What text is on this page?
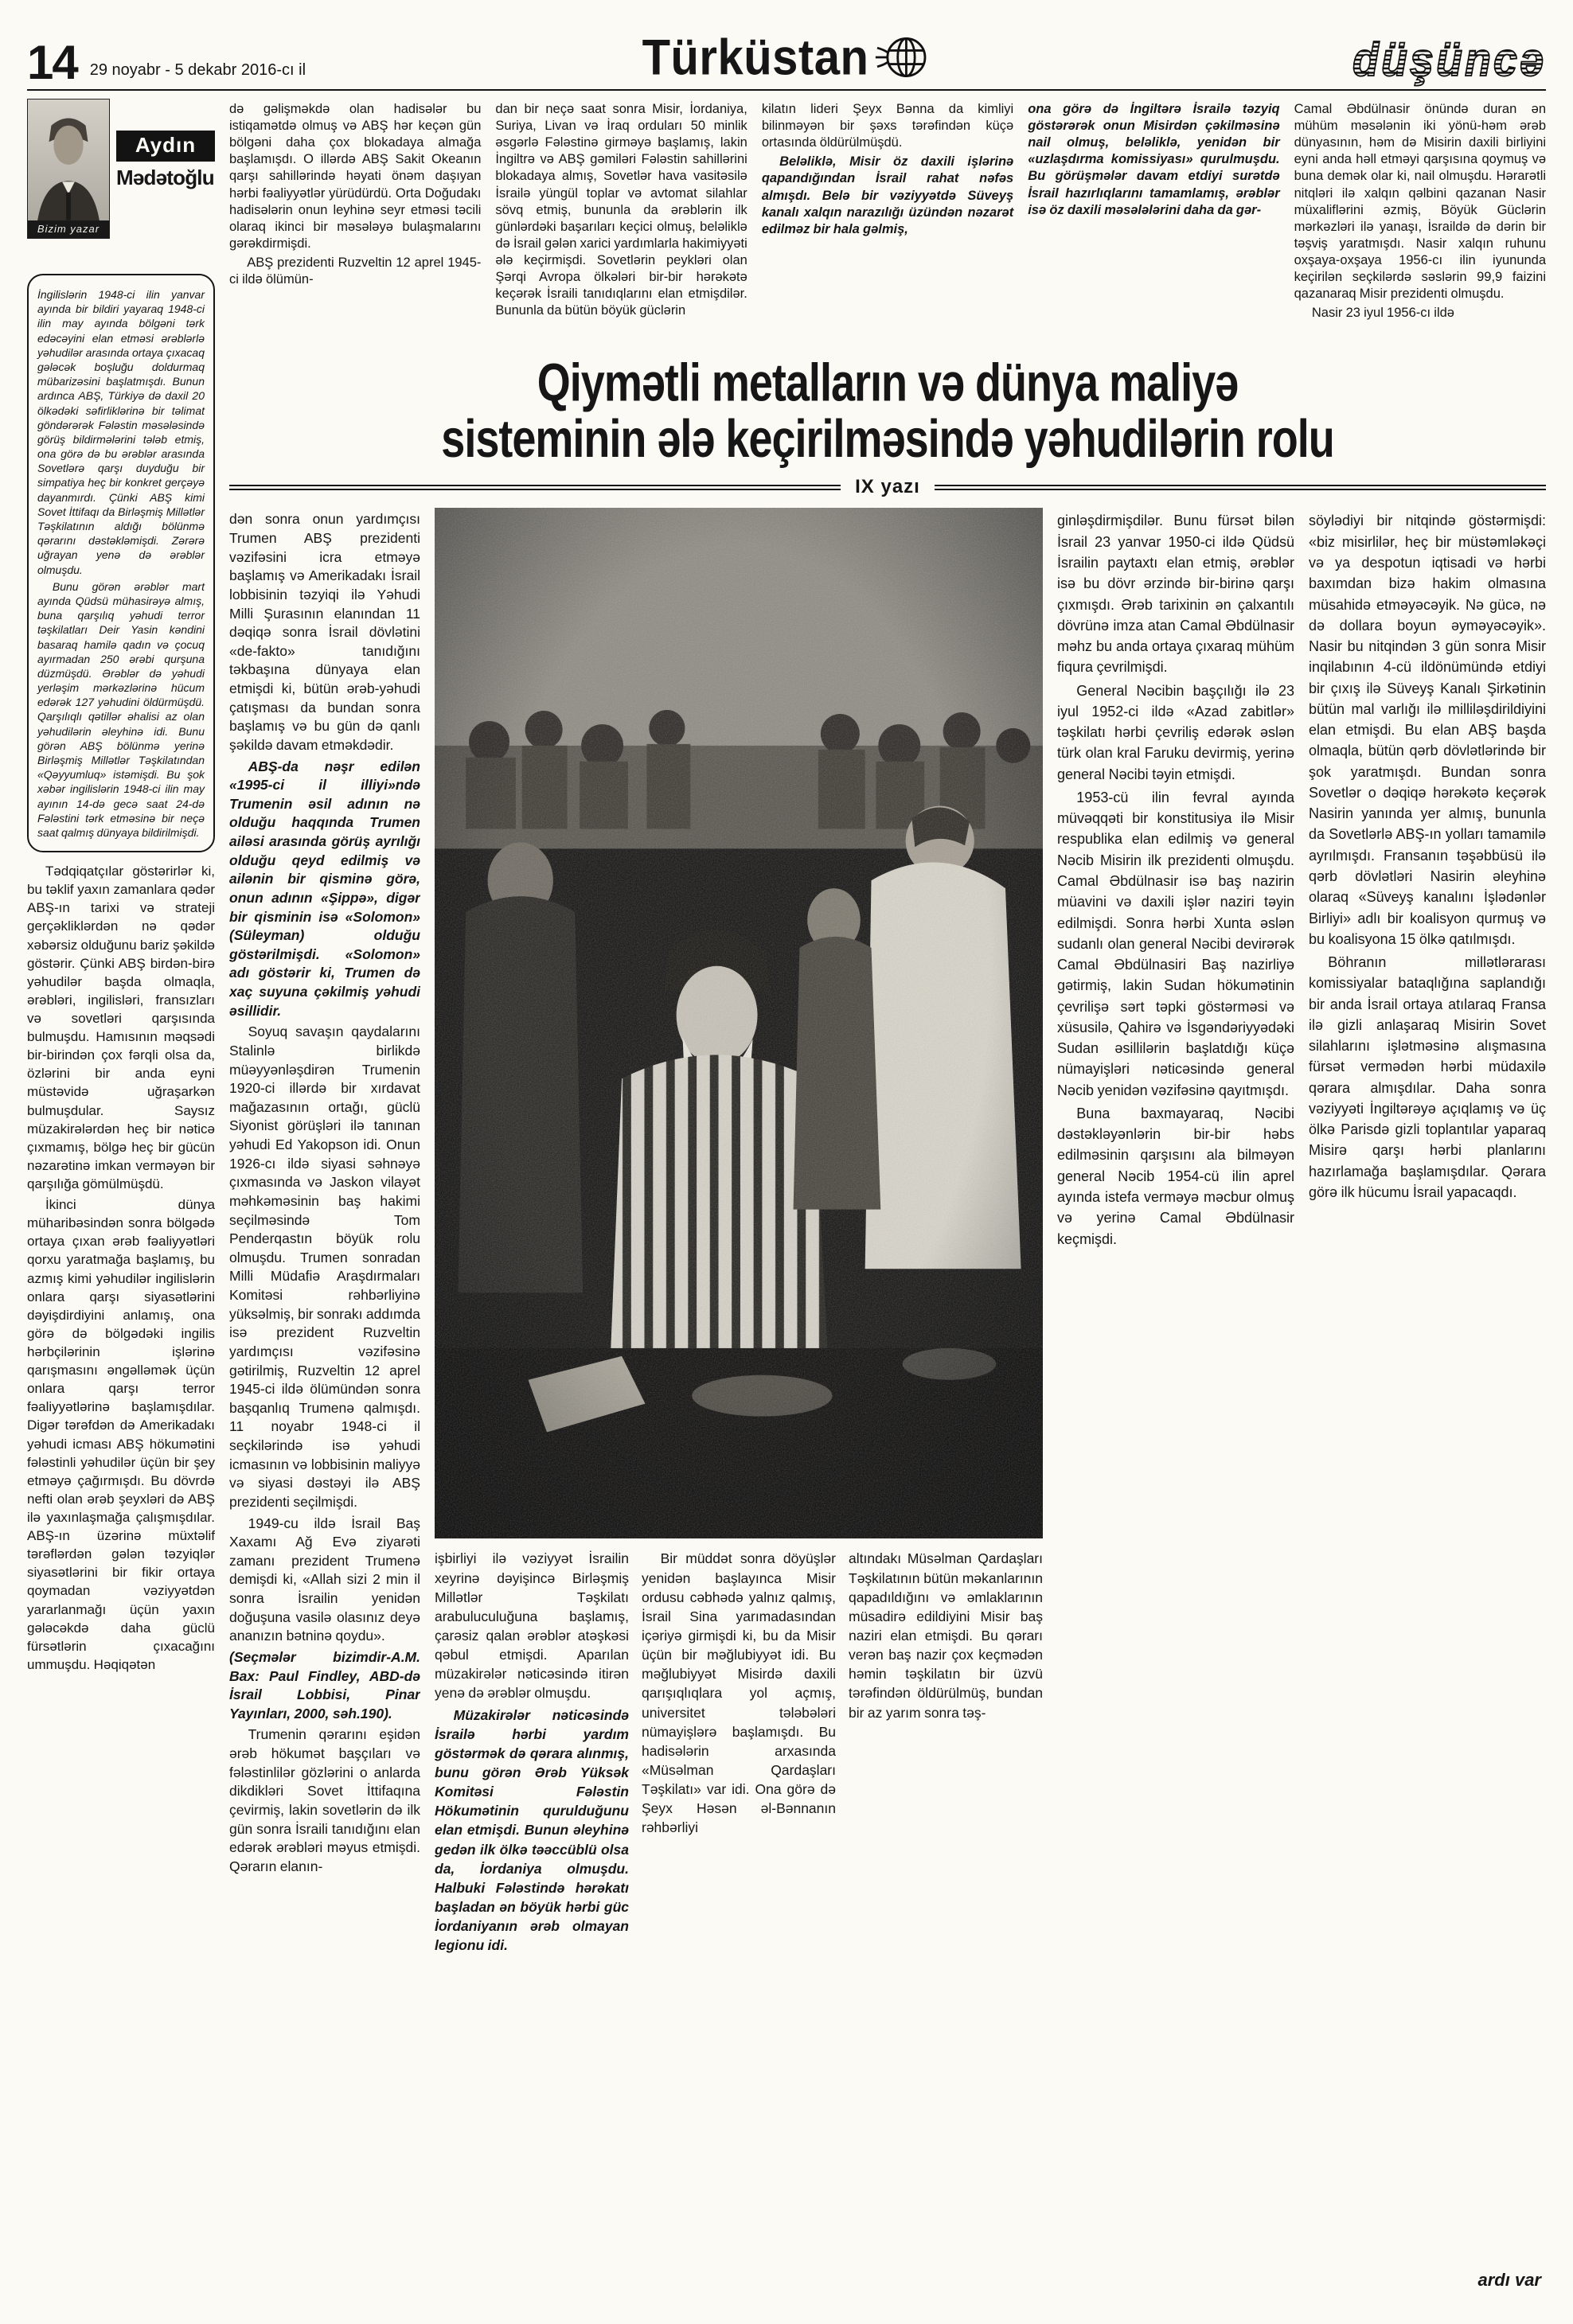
14 29 noyabr - 5 dekabr 2016-cı il	Türküstan	düşüncə
Bizim yazar
Aydın
Mədətoğlu

İngilislərin 1948-ci ilin yanvar ayında bir bildiri yayaraq 1948-ci ilin may ayında bölgəni tərk edəcəyini elan etməsi ərəblərlə yəhudilər arasında ortaya çıxacaq gələcək boşluğu doldurmaq mübarizəsini başlatmışdı. Bunun ardınca ABŞ, Türkiyə də daxil 20 ölkədəki səfirliklərinə bir təlimat göndərərək Fələstin məsələsində görüş bildirmələrini tələb etmiş, ona görə də bu ərəblər arasında Sovetlərə qarşı duyduğu bir simpatiya heç bir konkret gerçəyə dayanmırdı. Çünki ABŞ kimi Sovet İttifaqı da Birləşmiş Millətlər Təşkilatının aldığı bölünmə qərarını dəstəkləmişdi. Zərərə uğrayan yenə də ərəblər olmuşdu.

Bunu görən ərəblər mart ayında Qüdsü mühasirəyə almış, buna qarşılıq yəhudi terror təşkilatları Deir Yasin kəndini basaraq hamilə qadın və çocuq ayırmadan 250 ərəbi qurşuna düzmüşdü. Ərəblər də yəhudi yerləşim mərkəzlərinə hücum edərək 127 yəhudini öldürmüşdü. Qarşılıqlı qətillər əhalisi az olan yəhudilərin əleyhinə idi. Bunu görən ABŞ bölünmə yerinə Birləşmiş Millətlər Təşkilatından «Qəyyumluq» istəmişdi. Bu şok xəbər ingilislərin 1948-ci ilin may ayının 14-də gecə saat 24-də Fələstini tərk etməsinə bir neçə saat qalmış dünyaya bildirilmişdi.

Tədqiqatçılar göstərirlər ki, bu təklif yaxın zamanlara qədər ABŞ-ın tarixi və strateji gerçəkliklərdən nə qədər xəbərsiz olduğunu bariz şəkildə göstərir. Çünki ABŞ birdən-birə yəhudilər başda olmaqla, ərəbləri, ingilisləri, fransızları və sovetləri qarşısında bulmuşdu. Hamısının məqsədi bir-birindən çox fərqli olsa da, özlərini bir anda eyni müstəvidə uğraşarkən bulmuşdular. Saysız müzakirələrdən heç bir nəticə çıxmamış, bölgə heç bir gücün nəzarətinə imkan verməyən bir qarşılığa gömülmüşdü.

İkinci dünya müharibəsindən sonra bölgədə ortaya çıxan ərəb fəaliyyətləri qorxu yaratmağa başlamış, bu azmış kimi yəhudilər ingilislərin onlara qarşı siyasətlərini dəyişdirdiyini anlamış, ona görə də bölgədəki ingilis hərbçilərinin işlərinə qarışmasını əngəlləmək üçün onlara qarşı terror fəaliyyətlərinə başlamışdılar. Digər tərəfdən də Amerikadakı yəhudi icması ABŞ hökumətini fələstinli yəhudilər üçün bir şey etməyə çağırmışdı. Bu dövrdə nefti olan ərəb şeyxləri də ABŞ ilə yaxınlaşmağa çalışmışdılar. ABŞ-ın üzərinə müxtəlif tərəflərdən gələn təzyiqlər siyasətlərini bir fikir ortaya qoymadan vəziyyətdən yararlanmağı üçün yaxın gələcəkdə daha güclü fürsətlərin çıxacağını ummuşdu. Həqiqətən

də gəlişməkdə olan hadisələr bu istiqamətdə olmuş və ABŞ hər keçən gün bölgəni daha çox blokadaya almağa başlamışdı. O illərdə ABŞ Sakit Okeanın qarşı sahillərində həyati önəm daşıyan hərbi fəaliyyətlər yürüdürdü. Orta Doğudakı hadisələrin onun leyhinə seyr etməsi təcili olaraq ikinci bir məsələyə bulaşmalarını gərəkdirmişdi.

ABŞ prezidenti Ruzveltin 12 aprel 1945-ci ildə ölümün-

dan bir neçə saat sonra Misir, İordaniya, Suriya, Livan və İraq orduları 50 minlik əsgərlə Fələstinə girməyə başlamış, lakin İngiltrə və ABŞ gəmiləri Fələstin sahillərini blokadaya almış, Sovetlər hava vasitəsilə İsrailə yüngül toplar və avtomat silahlar sövq etmiş, bununla da ərəblərin ilk günlərdəki başarıları keçici olmuş, beləliklə də İsrail gələn xarici yardımlarla hakimiyyəti ələ keçirmişdi. Sovetlərin peykləri olan Şərqi Avropa ölkələri bir-bir hərəkətə keçərək İsraili tanıdıqlarını elan etmişdilər. Bununla da bütün böyük güclərin

kilatın lideri Şeyx Bənna da kimliyi bilinməyən bir şəxs tərəfindən küçə ortasında öldürülmüşdü.

Beləliklə, Misir öz daxili işlərinə qapandığından İsrail rahat nəfəs almışdı. Belə bir vəziyyətdə Süveyş kanalı xalqın narazılığı üzündən nəzarət edilməz bir hala gəlmiş,

ona görə də İngiltərə İsrailə təzyiq göstərərək onun Misirdən çəkilməsinə nail olmuş, beləliklə, yenidən bir «uzlaşdırma komissiyası» qurulmuşdu. Bu görüşmələr davam etdiyi surətdə İsrail hazırlıqlarını tamamlamış, ərəblər isə öz daxili məsələlərini daha da gər-

Camal Əbdülnasir önündə duran ən mühüm məsələnin iki yönü-həm ərəb dünyasının, həm də Misirin daxili birliyini eyni anda həll etməyi qarşısına qoymuş və buna demək olar ki, nail olmuşdu. Hərarətli nitqləri ilə xalqın qəlbini qazanan Nasir müxaliflərini əzmiş, Böyük Güclərin mərkəzləri ilə yanaşı, İsraildə də dərin bir təşviş yaratmışdı. Nasir xalqın ruhunu oxşaya-oxşaya 1956-cı ilin iyununda keçirilən seçkilərdə səslərin 99,9 faizini qazanaraq Misir prezidenti olmuşdu.

Nasir 23 iyul 1956-cı ildə

Qiymətli metalların və dünya maliyə
sisteminin ələ keçirilməsində yəhudilərin rolu
IX yazı

dən sonra onun yardımçısı Trumen ABŞ prezidenti vəzifəsini icra etməyə başlamış və Amerikadakı İsrail lobbisinin təzyiqi ilə Yəhudi Milli Şurasının elanından 11 dəqiqə sonra İsrail dövlətini «de-fakto» tanıdığını təkbaşına dünyaya elan etmişdi ki, bütün ərəb-yəhudi çatışması da bundan sonra başlamış və bu gün də qanlı şəkildə davam etməkdədir.

ABŞ-da nəşr edilən «1995-ci il illiyi»ndə Trumenin əsil adının nə olduğu haqqında Trumen ailəsi arasında görüş ayrılığı olduğu qeyd edilmiş və ailənin bir qisminə görə, onun adının «Şippə», digər bir qisminin isə «Solomon» (Süleyman) olduğu göstərilmişdi. «Solomon» adı göstərir ki, Trumen də xaç suyuna çəkilmiş yəhudi əsillidir.

Soyuq savaşın qaydalarını Stalinlə birlikdə müəyyənləşdirən Trumenin 1920-ci illərdə bir xırdavat mağazasının ortağı, güclü Siyonist görüşləri ilə tanınan yəhudi Ed Yakopson idi. Onun 1926-cı ildə siyasi səhnəyə çıxmasında və Jaskon vilayət məhkəməsinin baş hakimi seçilməsində Tom Penderqastın böyük rolu olmuşdu. Trumen sonradan Milli Müdafiə Araşdırmaları Komitəsi rəhbərliyinə yüksəlmiş, bir sonrakı addımda isə prezident Ruzveltin yardımçısı vəzifəsinə gətirilmiş, Ruzveltin 12 aprel 1945-ci ildə ölümündən sonra başqanlıq Trumenə qalmışdı. 11 noyabr 1948-ci il seçkilərində isə yəhudi icmasının və lobbisinin maliyyə və siyasi dəstəyi ilə ABŞ prezidenti seçilmişdi.

1949-cu ildə İsrail Baş Xaxamı Ağ Evə ziyarəti zamanı prezident Trumenə demişdi ki, «Allah sizi 2 min il sonra İsrailin yenidən doğuşuna vasilə olasınız deyə ananızın bətninə qoydu».

(Seçmələr bizimdir-A.M. Bax: Paul Findley, ABD-də İsrail Lobbisi, Pinar Yayınları, 2000, səh.190).

Trumenin qərarını eşidən ərəb hökumət başçıları və fələstinlilər gözlərini o anlarda dikdikləri Sovet İttifaqına çevirmiş, lakin sovetlərin də ilk gün sonra İsraili tanıdığını elan edərək ərəbləri məyus etmişdi. Qərarın elanın-

işbirliyi ilə vəziyyət İsrailin xeyrinə dəyişincə Birləşmiş Millətlər Təşkilatı arabuluculuğuna başlamış, çarəsiz qalan ərəblər atəşkəsi qəbul etmişdi. Aparılan müzakirələr nəticəsində itirən yenə də ərəblər olmuşdu.

Müzakirələr nəticəsində İsrailə hərbi yardım göstərmək də qərara alınmış, bunu görən Ərəb Yüksək Komitəsi Fələstin Hökumətinin qurulduğunu elan etmişdi. Bunun əleyhinə gedən ilk ölkə təəccüblü olsa da, İordaniya olmuşdu. Halbuki Fələstində hərəkatı başladan ən böyük hərbi güc İordaniyanın ərəb olmayan legionu idi.

Bir müddət sonra döyüşlər yenidən başlayınca Misir ordusu cəbhədə yalnız qalmış, İsrail Sina yarımadasından içəriyə girmişdi ki, bu da Misir üçün bir məğlubiyyət idi. Bu məğlubiyyət Misirdə daxili qarışıqlıqlara yol açmış, universitet tələbələri nümayişlərə başlamışdı. Bu hadisələrin arxasında «Müsəlman Qardaşları Təşkilatı» var idi. Ona görə də Şeyx Həsən əl-Bənnanın rəhbərliyi

altındakı Müsəlman Qardaşları Təşkilatının bütün məkanlarının qapadıldığını və əmlaklarının müsadirə edildiyini Misir baş naziri elan etmişdi. Bu qərarı verən baş nazir çox keçmədən həmin təşkilatın bir üzvü tərəfindən öldürülmüş, bundan bir az yarım sonra təş-

ginləşdirmişdilər. Bunu fürsət bilən İsrail 23 yanvar 1950-ci ildə Qüdsü İsrailin paytaxtı elan etmiş, ərəblər isə bu dövr ərzində bir-birinə qarşı çıxmışdı. Ərəb tarixinin ən çalxantılı dövrünə imza atan Camal Əbdülnasir məhz bu anda ortaya çıxaraq mühüm fiqura çevrilmişdi.

General Nəcibin başçılığı ilə 23 iyul 1952-ci ildə «Azad zabitlər» təşkilatı hərbi çevriliş edərək əslən türk olan kral Faruku devirmiş, yerinə general Nəcibi təyin etmişdi.

1953-cü ilin fevral ayında müvəqqəti bir konstitusiya ilə Misir respublika elan edilmiş və general Nəcib Misirin ilk prezidenti olmuşdu. Camal Əbdülnasir isə baş nazirin müavini və daxili işlər naziri təyin edilmişdi. Sonra hərbi Xunta əslən sudanlı olan general Nəcibi devirərək Camal Əbdülnasiri Baş nazirliyə gətirmiş, lakin Sudan hökumətinin çevrilişə sərt təpki göstərməsi və xüsusilə, Qahirə və İsgəndəriyyədəki Sudan əsillilərin başlatdığı küçə nümayişləri nəticəsində general Nəcib yenidən vəzifəsinə qayıtmışdı.

Buna baxmayaraq, Nəcibi dəstəkləyənlərin bir-bir həbs edilməsinin qarşısını ala bilməyən general Nəcib 1954-cü ilin aprel ayında istefa verməyə məcbur olmuş və yerinə Camal Əbdülnasir keçmişdi.

söylədiyi bir nitqində göstərmişdi: «biz misirlilər, heç bir müstəmləkəçi və ya despotun iqtisadi və hərbi baxımdan bizə hakim olmasına müsahidə etməyəcəyik. Nə gücə, nə də dollara boyun əyməyəcəyik». Nasir bu nitqindən 3 gün sonra Misir inqilabının 4-cü ildönümündə etdiyi bir çıxış ilə Süveyş Kanalı Şirkətinin bütün mal varlığı ilə milliləşdirildiyini elan etmişdi. Bu elan ABŞ başda olmaqla, bütün qərb dövlətlərində bir şok yaratmışdı. Bundan sonra Sovetlər o dəqiqə hərəkətə keçərək Nasirin yanında yer almış, bununla da Sovetlərlə ABŞ-ın yolları tamamilə ayrılmışdı. Fransanın təşəbbüsü ilə qərb dövlətləri Nasirin əleyhinə olaraq «Süveyş kanalını İşlədənlər Birliyi» adlı bir koalisyon qurmuş və bu koalisyona 15 ölkə qatılmışdı.

Böhranın millətlərarası komissiyalar bataqlığına saplandığı bir anda İsrail ortaya atılaraq Fransa ilə gizli anlaşaraq Misirin Sovet silahlarını işlətməsinə alışmasına fürsət vermədən hərbi müdaxilə qərara almışdılar. Daha sonra vəziyyəti İngiltərəyə açıqlamış və üç ölkə Parisdə gizli toplantılar yaparaq Misirə qarşı hərbi planlarını hazırlamağa başlamışdılar. Qərara görə ilk hücumu İsrail yapacaqdı.

ardı var
